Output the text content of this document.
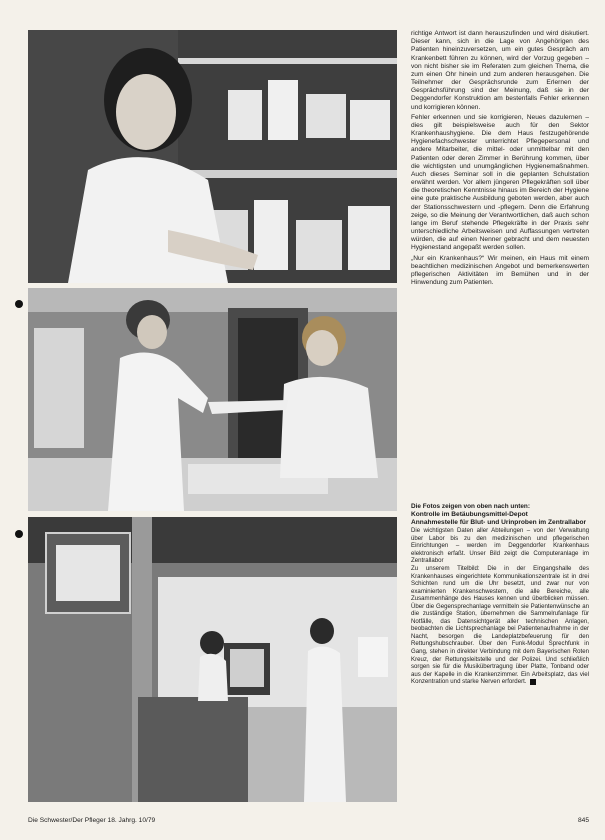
richtige Antwort ist dann herauszufinden und wird diskutiert. Dieser kann, sich in die Lage von Angehörigen des Patienten hineinzuversetzen, um ein gutes Gespräch am Krankenbett führen zu können, wird der Vorzug gegeben – von nicht bisher sie im Referaten zum gleichen Thema, die zum einen Ohr hinein und zum anderen herausgehen. Die Teilnehmer der Gesprächsrunde zum Erlernen der Gesprächsführung sind der Meinung, daß sie in der Deggendorfer Konstruktion am bestenfalls Fehler erkennen und korrigieren können.

Fehler erkennen und sie korrigieren, Neues dazulernen – dies gilt beispielsweise auch für den Sektor Krankenhaushygiene. Die dem Haus festzugehörende Hygienefachschwester unterrichtet Pflegepersonal und andere Mitarbeiter, die mittel- oder unmittelbar mit den Patienten oder deren Zimmer in Berührung kommen, über die wichtigsten und unumgänglichen Hygienemaßnahmen. Auch dieses Seminar soll in die geplanten Schulstation erwähnt werden. Vor allem jüngeren Pflegekräften soll über die theoretischen Kenntnisse hinaus im Bereich der Hygiene eine gute praktische Ausbildung geboten werden, aber auch der Stationsschwestern und -pflegern. Denn die Erfahrung zeige, so die Meinung der Verantwortlichen, daß auch schon lange im Beruf stehende Pflegekräfte in der Praxis sehr unterschiedliche Arbeitsweisen und Auffassungen vertreten würden, die auf einen Nenner gebracht und dem neuesten Hygienestand angepaßt werden sollen.

„Nur ein Krankenhaus?“ Wir meinen, ein Haus mit einem beachtlichen medizinischen Angebot und bemerkenswerten pflegerischen Aktivitäten im Bemühen und in der Hinwendung zum Patienten.

Die Fotos zeigen von oben nach unten:

Kontrolle im Betäubungsmittel-Depot

Annahmestelle für Blut- und Urinproben im Zentrallabor

Die wichtigsten Daten aller Abteilungen – von der Verwaltung über Labor bis zu den medizinischen und pflegerischen Einrichtungen – werden im Deggendorfer Krankenhaus elektronisch erfaßt. Unser Bild zeigt die Computeranlage im Zentrallabor

Zu unserem Titelbild: Die in der Eingangshalle des Krankenhauses eingerichtete Kommunikationszentrale ist in drei Schichten rund um die Uhr besetzt, und zwar nur von examinierten Krankenschwestern, die alle Bereiche, alle Zusammenhänge des Hauses kennen und überblicken müssen. Über die Gegensprechanlage vermitteln sie Patientenwünsche an die zuständige Station, übernehmen die Sammelrufanlage für Notfälle, das Datensichtgerät aller technischen Anlagen, beobachten die Lichtsprechanlage bei Patientenaufnahme in der Nacht, besorgen die Landeplatzbefeuerung für den Rettungshubschrauber. Über den Funk-Modul Sprechfunk in Gang, stehen in direkter Verbindung mit dem Bayerischen Roten Kreuz, der Rettungsleitstelle und der Polizei. Und schließlich sorgen sie für die Musikübertragung über Platte, Tonband oder aus der Kapelle in die Krankenzimmer. Ein Arbeitsplatz, das viel Konzentration und starke Nerven erfordert.

Die Schwester/Der Pfleger 18. Jahrg. 10/79	845
